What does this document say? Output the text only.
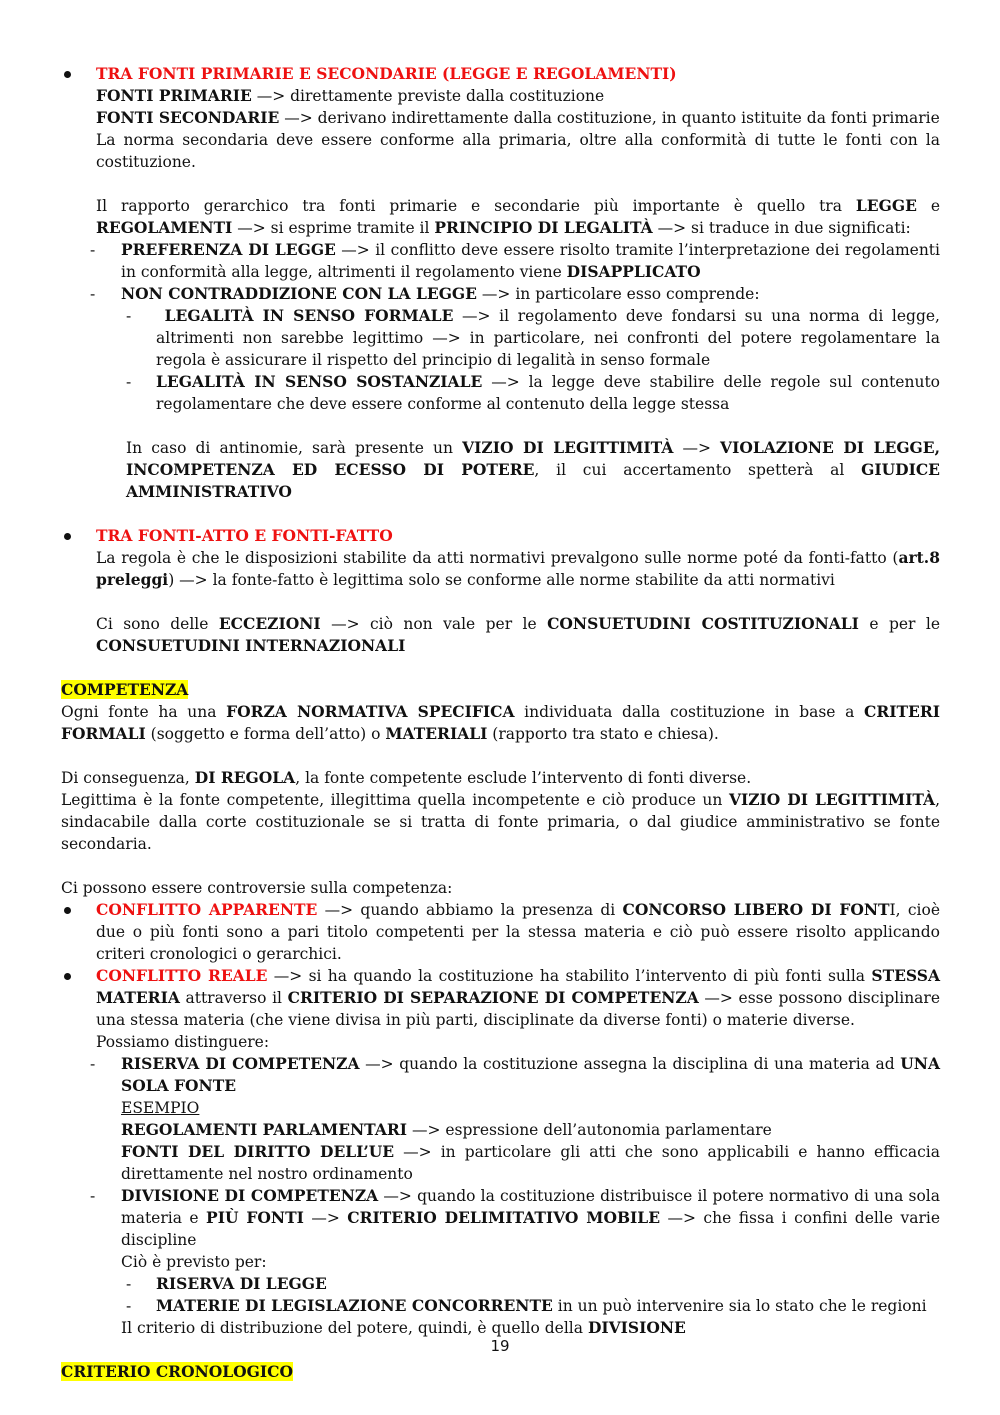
TRA FONTI PRIMARIE E SECONDARIE (LEGGE E REGOLAMENTI)

FONTI PRIMARIE —> direttamente previste dalla costituzione

FONTI SECONDARIE —> derivano indirettamente dalla costituzione, in quanto istituite da fonti primarie

La norma secondaria deve essere conforme alla primaria, oltre alla conformità di tutte le fonti con la costituzione.

Il rapporto gerarchico tra fonti primarie e secondarie più importante è quello tra LEGGE e REGOLAMENTI —> si esprime tramite il PRINCIPIO DI LEGALITÀ —> si traduce in due significati:

- PREFERENZA DI LEGGE —> il conflitto deve essere risolto tramite l’interpretazione dei regolamenti in conformità alla legge, altrimenti il regolamento viene DISAPPLICATO

- NON CONTRADDIZIONE CON LA LEGGE —> in particolare esso comprende:

-	LEGALITÀ IN SENSO FORMALE —> il regolamento deve fondarsi su una norma di legge, altrimenti non sarebbe legittimo —> in particolare, nei confronti del potere regolamentare la regola è assicurare il rispetto del principio di legalità in senso formale

- LEGALITÀ IN SENSO SOSTANZIALE —> la legge deve stabilire delle regole sul contenuto regolamentare che deve essere conforme al contenuto della legge stessa

In caso di antinomie, sarà presente un VIZIO DI LEGITTIMITÀ —> VIOLAZIONE DI LEGGE, INCOMPETENZA ED ECESSO DI POTERE, il cui accertamento spetterà al GIUDICE AMMINISTRATIVO

TRA FONTI-ATTO E FONTI-FATTO

La regola è che le disposizioni stabilite da atti normativi prevalgono sulle norme poté da fonti-fatto (art.8 preleggi) —> la fonte-fatto è legittima solo se conforme alle norme stabilite da atti normativi

Ci sono delle ECCEZIONI —> ciò non vale per le CONSUETUDINI COSTITUZIONALI e per le CONSUETUDINI INTERNAZIONALI

COMPETENZA

Ogni fonte ha una FORZA NORMATIVA SPECIFICA individuata dalla costituzione in base a CRITERI FORMALI (soggetto e forma dell’atto) o MATERIALI (rapporto tra stato e chiesa).

Di conseguenza, DI REGOLA, la fonte competente esclude l’intervento di fonti diverse.

Legittima è la fonte competente, illegittima quella incompetente e ciò produce un VIZIO DI LEGITTIMITÀ, sindacabile dalla corte costituzionale se si tratta di fonte primaria, o dal giudice amministrativo se fonte secondaria.

Ci possono essere controversie sulla competenza:

CONFLITTO APPARENTE —> quando abbiamo la presenza di CONCORSO LIBERO DI FONTI, cioè due o più fonti sono a pari titolo competenti per la stessa materia e ciò può essere risolto applicando criteri cronologici o gerarchici.

CONFLITTO REALE —> si ha quando la costituzione ha stabilito l’intervento di più fonti sulla STESSA MATERIA attraverso il CRITERIO DI SEPARAZIONE DI COMPETENZA —> esse possono disciplinare una stessa materia (che viene divisa in più parti, disciplinate da diverse fonti) o materie diverse.

Possiamo distinguere:

- RISERVA DI COMPETENZA —> quando la costituzione assegna la disciplina di una materia ad UNA SOLA FONTE

ESEMPIO

REGOLAMENTI PARLAMENTARI —> espressione dell’autonomia parlamentare

FONTI DEL DIRITTO DELL’UE —> in particolare gli atti che sono applicabili e hanno efficacia direttamente nel nostro ordinamento

- DIVISIONE DI COMPETENZA —> quando la costituzione distribuisce il potere normativo di una sola materia e PIÙ FONTI —> CRITERIO DELIMITATIVO MOBILE —> che fissa i confini delle varie discipline

Ciò è previsto per:

- RISERVA DI LEGGE

- MATERIE DI LEGISLAZIONE CONCORRENTE in un può intervenire sia lo stato che le regioni

Il criterio di distribuzione del potere, quindi, è quello della DIVISIONE

CRITERIO CRONOLOGICO

19
